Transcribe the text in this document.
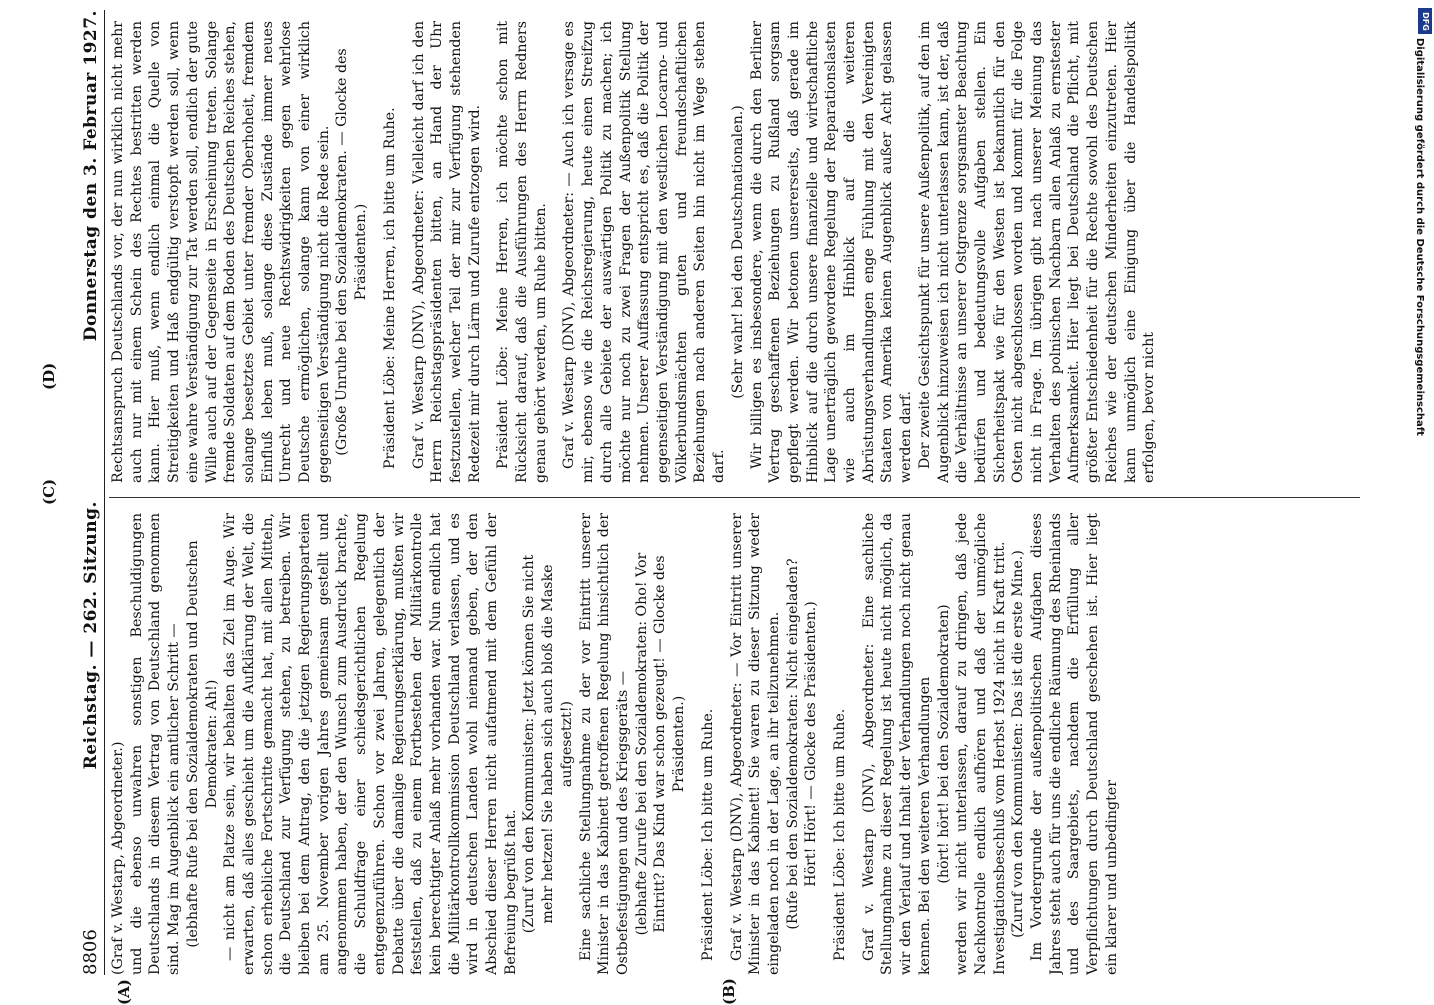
8806
Reichstag. — 262. Sitzung.
Donnerstag den 3. Februar 1927.

(Graf v. Westarp, Abgeordneter.) und die ebenso unwahren sonstigen Beschuldigungen Deutschlands in diesem Vertrag von Deutschland genommen sind. Mag im Augenblick ein amtlicher Schritt — (lebhafte Rufe bei den Sozialdemokraten und Deutschen Demokraten: Ah!) — nicht am Platze sein, wir behalten das Ziel im Auge. Wir erwarten, daß alles geschieht um die Aufklärung der Welt, die schon erhebliche Fortschritte gemacht hat, mit allen Mitteln, die Deutschland zur Verfügung stehen, zu betreiben. Wir bleiben bei dem Antrag, den die jetzigen Regierungsparteien am 25. November vorigen Jahres gemeinsam gestellt und angenommen haben, der den Wunsch zum Ausdruck brachte, die Schuldfrage einer schiedsgerichtlichen Regelung entgegenzuführen. Schon vor zwei Jahren, gelegentlich der Debatte über die damalige Regierungserklärung, mußten wir feststellen, daß zu einem Fortbestehen der Militärkontrolle kein berechtigter Anlaß mehr vorhanden war. Nun endlich hat die Militärkontrollkommission Deutschland verlassen, und es wird in deutschen Landen wohl niemand geben, der den Abschied dieser Herren nicht aufatmend mit dem Gefühl der Befreiung begrüßt hat. (Zuruf von den Kommunisten: Jetzt können Sie nicht mehr hetzen! Sie haben sich auch bloß die Maske aufgesetzt!) Eine sachliche Stellungnahme zu der vor Eintritt unserer Minister in das Kabinett getroffenen Regelung hinsichtlich der Ostbefestigungen und des Kriegsgeräts — (lebhafte Zurufe bei den Sozialdemokraten: Oho! Vor Eintritt? Das Kind war schon gezeugt! — Glocke des Präsidenten.) Präsident Löbe: Ich bitte um Ruhe. Graf v. Westarp (DNV), Abgeordneter: — Vor Eintritt unserer Minister in das Kabinett! Sie waren zu dieser Sitzung weder eingeladen noch in der Lage, an ihr teilzunehmen. (Rufe bei den Sozialdemokraten: Nicht eingeladen? Hört! Hört! — Glocke des Präsidenten.) Präsident Löbe: Ich bitte um Ruhe. Graf v. Westarp (DNV), Abgeordneter: Eine sachliche Stellungnahme zu dieser Regelung ist heute nicht möglich, da wir den Verlauf und Inhalt der Verhandlungen noch nicht genau kennen. Bei den weiteren Verhandlungen (hört! hört! bei den Sozialdemokraten) werden wir nicht unterlassen, darauf zu dringen, daß jede Nachkontrolle endlich aufhören und daß der unmögliche Investigationsbeschluß vom Herbst 1924 nicht in Kraft tritt. (Zuruf von den Kommunisten: Das ist die erste Mine.) Im Vordergrunde der außenpolitischen Aufgaben dieses Jahres steht auch für uns die endliche Räumung des Rheinlands und des Saargebiets, nachdem die Erfüllung aller Verpflichtungen durch Deutschland geschehen ist. Hier liegt ein klarer und unbedingter

Rechtsanspruch Deutschlands vor, der nun wirklich nicht mehr auch nur mit einem Schein des Rechtes bestritten werden kann. Hier muß, wenn endlich einmal die Quelle von Streitigkeiten und Haß endgültig verstopft werden soll, wenn eine wahre Verständigung zur Tat werden soll, endlich der gute Wille auch auf der Gegenseite in Erscheinung treten. Solange fremde Soldaten auf dem Boden des Deutschen Reiches stehen, solange besetztes Gebiet unter fremder Oberhoheit, fremdem Einfluß leben muß, solange diese Zustände immer neues Unrecht und neue Rechtswidrigkeiten gegen wehrlose Deutsche ermöglichen, solange kann von einer wirklich gegenseitigen Verständigung nicht die Rede sein. (Große Unruhe bei den Sozialdemokraten. — Glocke des Präsidenten.) Präsident Löbe: Meine Herren, ich bitte um Ruhe. Graf v. Westarp (DNV), Abgeordneter: Vielleicht darf ich den Herrn Reichstagspräsidenten bitten, an Hand der Uhr festzustellen, welcher Teil der mir zur Verfügung stehenden Redezeit mir durch Lärm und Zurufe entzogen wird. Präsident Löbe: Meine Herren, ich möchte schon mit Rücksicht darauf, daß die Ausführungen des Herrn Redners genau gehört werden, um Ruhe bitten. Graf v. Westarp (DNV), Abgeordneter: — Auch ich versage es mir, ebenso wie die Reichsregierung, heute einen Streifzug durch alle Gebiete der auswärtigen Politik zu machen; ich möchte nur noch zu zwei Fragen der Außenpolitik Stellung nehmen. Unserer Auffassung entspricht es, daß die Politik der gegenseitigen Verständigung mit den westlichen Locarno- und Völkerbundsmächten guten und freundschaftlichen Beziehungen nach anderen Seiten hin nicht im Wege stehen darf.

(Sehr wahr! bei den Deutschnationalen.) Wir billigen es insbesondere, wenn die durch den Berliner Vertrag geschaffenen Beziehungen zu Rußland sorgsam gepflegt werden. Wir betonen unsererseits, daß gerade im Hinblick auf die durch unsere finanzielle und wirtschaftliche Lage unerträglich gewordene Regelung der Reparationslasten wie auch im Hinblick auf die weiteren Abrüstungsverhandlungen enge Fühlung mit den Vereinigten Staaten von Amerika keinen Augenblick außer Acht gelassen werden darf. Der zweite Gesichtspunkt für unsere Außenpolitik, auf den im Augenblick hinzuweisen ich nicht unterlassen kann, ist der, daß die Verhältnisse an unserer Ostgrenze sorgsamster Beachtung bedürfen und bedeutungsvolle Aufgaben stellen. Ein Sicherheitspakt wie für den Westen ist bekanntlich für den Osten nicht abgeschlossen worden und kommt für die Folge nicht in Frage. Im übrigen gibt nach unserer Meinung das Verhalten des polnischen Nachbarn allen Anlaß zu ernstester Aufmerksamkeit. Hier liegt bei Deutschland die Pflicht, mit größter Entschiedenheit für die Rechte sowohl des Deutschen Reiches wie der deutschen Minderheiten einzutreten. Hier kann unmöglich eine Einigung über die Handelspolitik erfolgen, bevor nicht

(A)	(B)
(C)
(D)
DFG
Digitalisierung gefördert durch die Deutsche Forschungsgemeinschaft
